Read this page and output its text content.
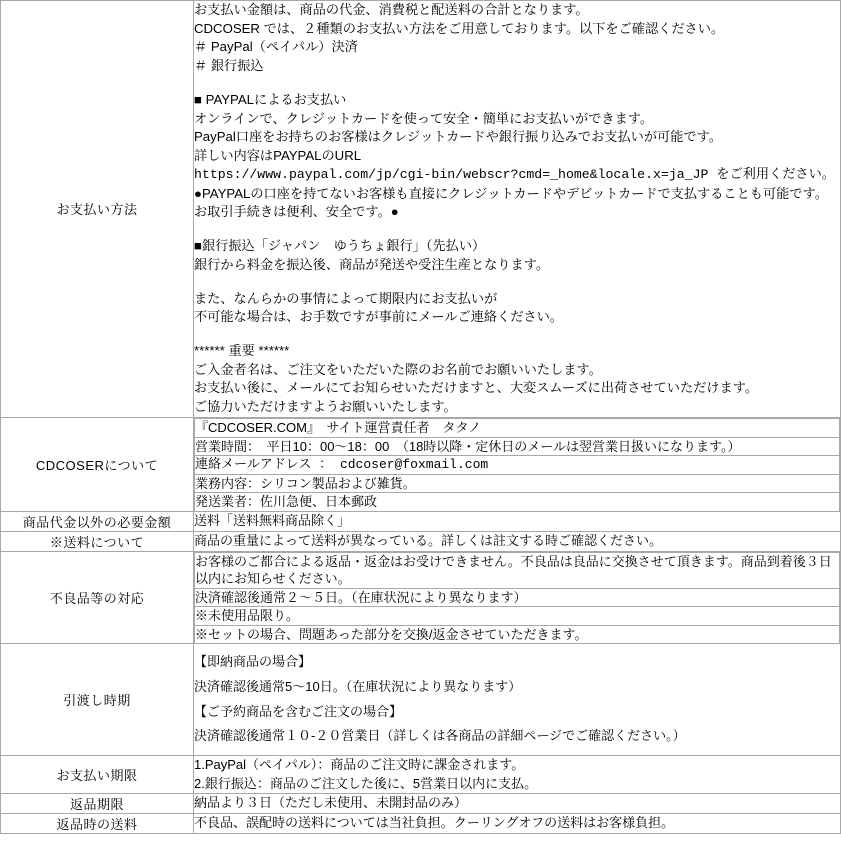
お支払い方法	
お支払い金額は、商品の代金、消費税と配送料の合計となります。
CDCOSER では、２種類のお支払い方法をご用意しております。以下をご確認ください。
＃ PayPal（ペイパル）決済
＃ 銀行振込
■ PAYPALによるお支払い
オンラインで、クレジットカードを使って安全・簡単にお支払いができます。
PayPal口座をお持ちのお客様はクレジットカードや銀行振り込みでお支払いが可能です。
詳しい内容はPAYPALのURL
https://www.paypal.com/jp/cgi-bin/webscr?cmd=_home&locale.x=ja_JP をご利用ください。
●PAYPALの口座を持てないお客様も直接にクレジットカードやデビットカードで支払することも可能です。
お取引手続きは便利、安全です。●
■銀行振込「ジャパン　ゆうちょ銀行」（先払い）
銀行から料金を振込後、商品が発送や受注生産となります。
また、なんらかの事情によって期限内にお支払いが
不可能な場合は、お手数ですが事前にメールご連絡ください。
****** 重要 ******
ご入金者名は、ご注文をいただいた際のお名前でお願いいたします。
お支払い後に、メールにてお知らせいただけますと、大変スムーズに出荷させていただけます。
ご協力いただけますようお願いいたします。

CDCOSERについて	
『CDCOSER.COM』　サイト運営責任者　タタノ
営業時間：　平日10：00～18：00　（18時以降・定休日のメールは翌営業日扱いになります。）
連絡メールアドレス ： cdcoser@foxmail.com
業務内容：シリコン製品および雑貨。
発送業者：佐川急便、日本郵政

商品代金以外の必要金額	送料「送料無料商品除く」

※送料について	商品の重量によって送料が異なっている。詳しくは註文する時ご確認ください。

不良品等の対応	
お客様のご都合による返品・返金はお受けできません。不良品は良品に交換させて頂きます。商品到着後３日以内にお知らせください。
決済確認後通常２～５日。（在庫状況により異なります）
※未使用品限り。
※セットの場合、問題あった部分を交換/返金させていただきます。

引渡し時期	
【即納商品の場合】
決済確認後通常5～10日。（在庫状況により異なります）
【ご予約商品を含むご注文の場合】
決済確認後通常１０-２０営業日（詳しくは各商品の詳細ページでご確認ください。）

お支払い期限	
1.PayPal（ペイパル）：商品のご注文時に課金されます。
2.銀行振込：商品のご注文した後に、5営業日以内に支払。

返品期限	納品より３日（ただし未使用、未開封品のみ）

返品時の送料	不良品、誤配時の送料については当社負担。クーリングオフの送料はお客様負担。
